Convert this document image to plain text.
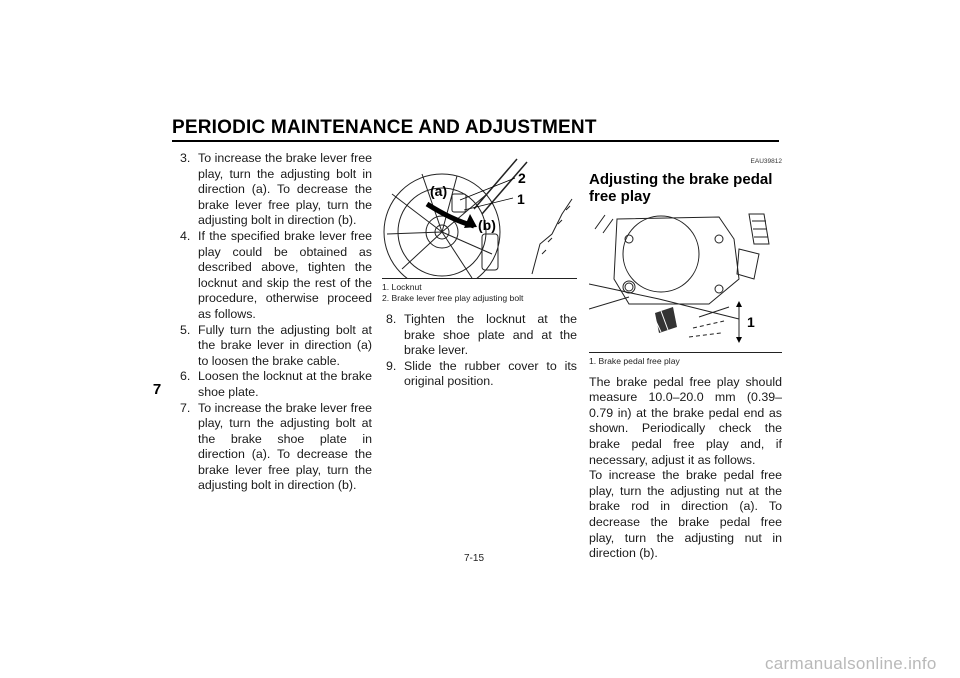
PERIODIC MAINTENANCE AND ADJUSTMENT
7
3. To increase the brake lever free play, turn the adjusting bolt in direction (a). To decrease the brake lever free play, turn the adjusting bolt in direction (b).
4. If the specified brake lever free play could be obtained as described above, tighten the locknut and skip the rest of the procedure, otherwise proceed as follows.
5. Fully turn the adjusting bolt at the brake lever in direction (a) to loosen the brake cable.
6. Loosen the locknut at the brake shoe plate.
7. To increase the brake lever free play, turn the adjusting bolt at the brake shoe plate in direction (a). To decrease the brake lever free play, turn the adjusting bolt in direction (b).
(a)
(b)
2
1
1. Locknut
2. Brake lever free play adjusting bolt
8. Tighten the locknut at the brake shoe plate and at the brake lever.
9. Slide the rubber cover to its original position.
EAU39812
Adjusting the brake pedal free play
1
1. Brake pedal free play

The brake pedal free play should measure 10.0–20.0 mm (0.39–0.79 in) at the brake pedal end as shown. Periodically check the brake pedal free play and, if necessary, adjust it as follows.

To increase the brake pedal free play, turn the adjusting nut at the brake rod in direction (a). To decrease the brake pedal free play, turn the adjusting nut in direction (b).

7-15
carmanualsonline.info
